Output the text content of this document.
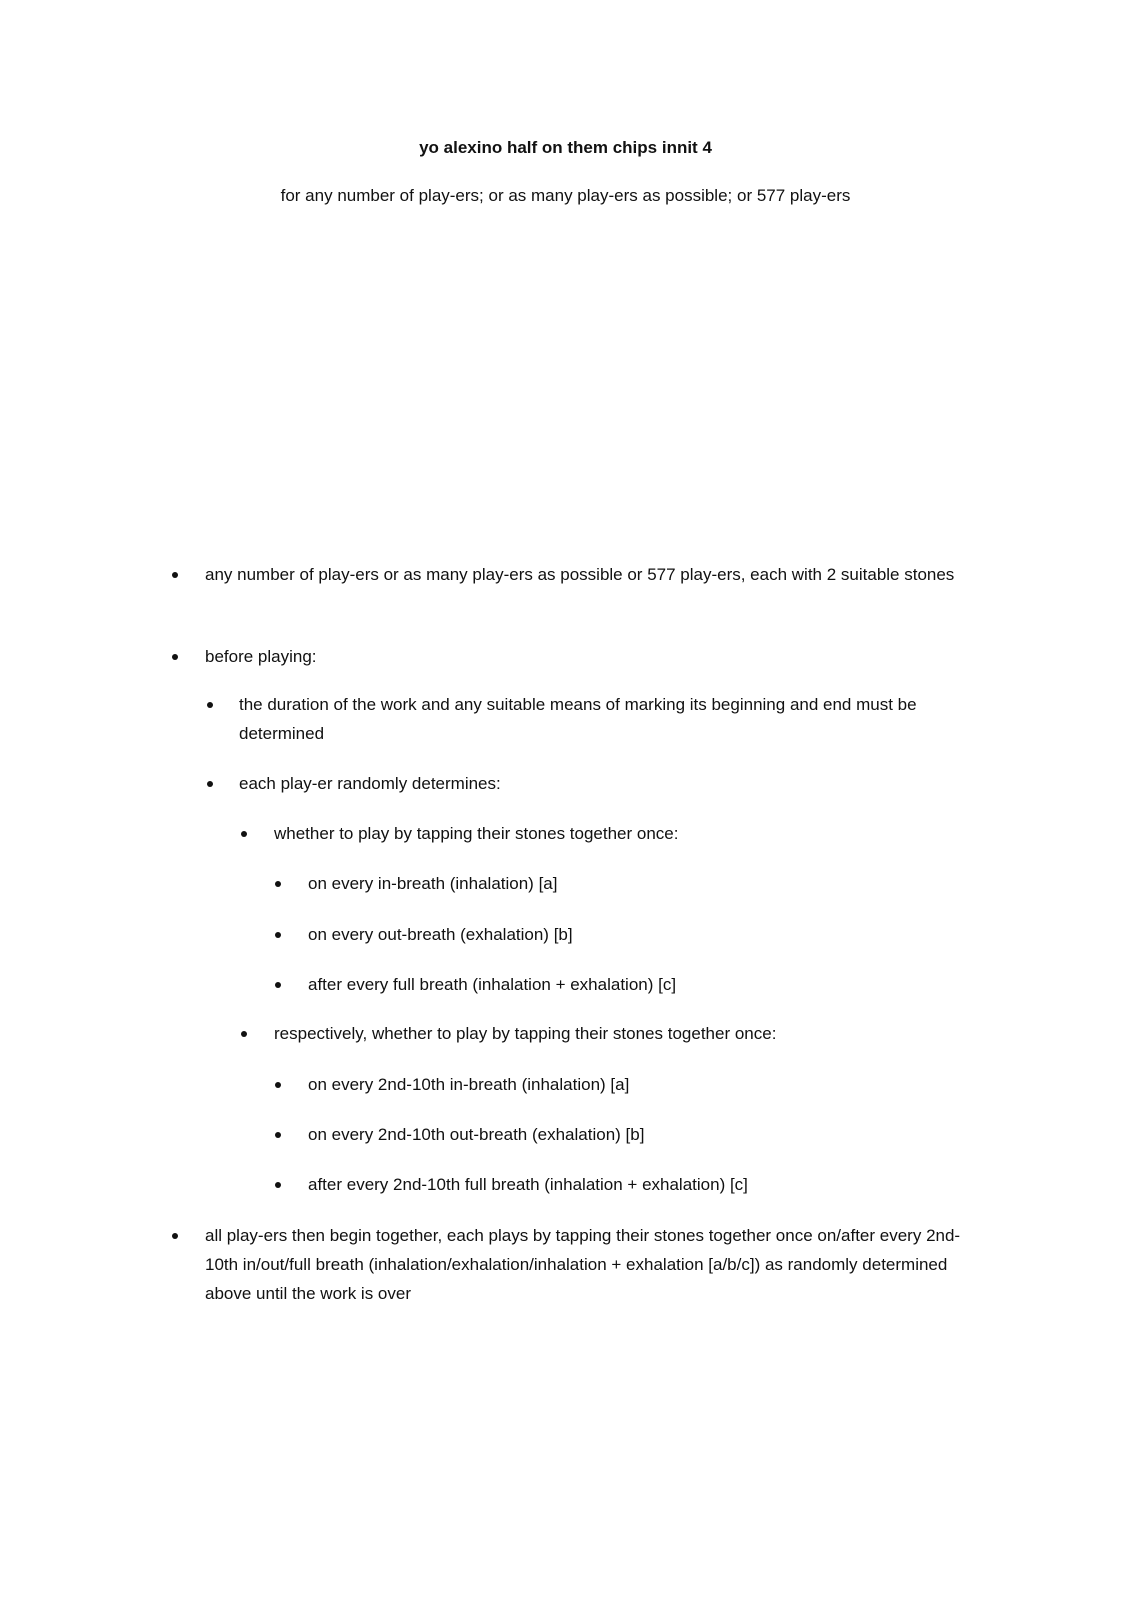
yo alexino half on them chips innit 4
for any number of play-ers; or as many play-ers as possible; or 577 play-ers

any number of play-ers or as many play-ers as possible or 577 play-ers, each with 2 suitable stones

before playing:

the duration of the work and any suitable means of marking its beginning and end must be determined

each play-er randomly determines:

whether to play by tapping their stones together once:

on every in-breath (inhalation) [a]

on every out-breath (exhalation) [b]

after every full breath (inhalation + exhalation) [c]

respectively, whether to play by tapping their stones together once:

on every 2nd-10th in-breath (inhalation) [a]

on every 2nd-10th out-breath (exhalation) [b]

after every 2nd-10th full breath (inhalation + exhalation) [c]

all play-ers then begin together, each plays by tapping their stones together once on/after every 2nd-10th in/out/full breath (inhalation/exhalation/inhalation + exhalation [a/b/c]) as randomly determined above until the work is over
